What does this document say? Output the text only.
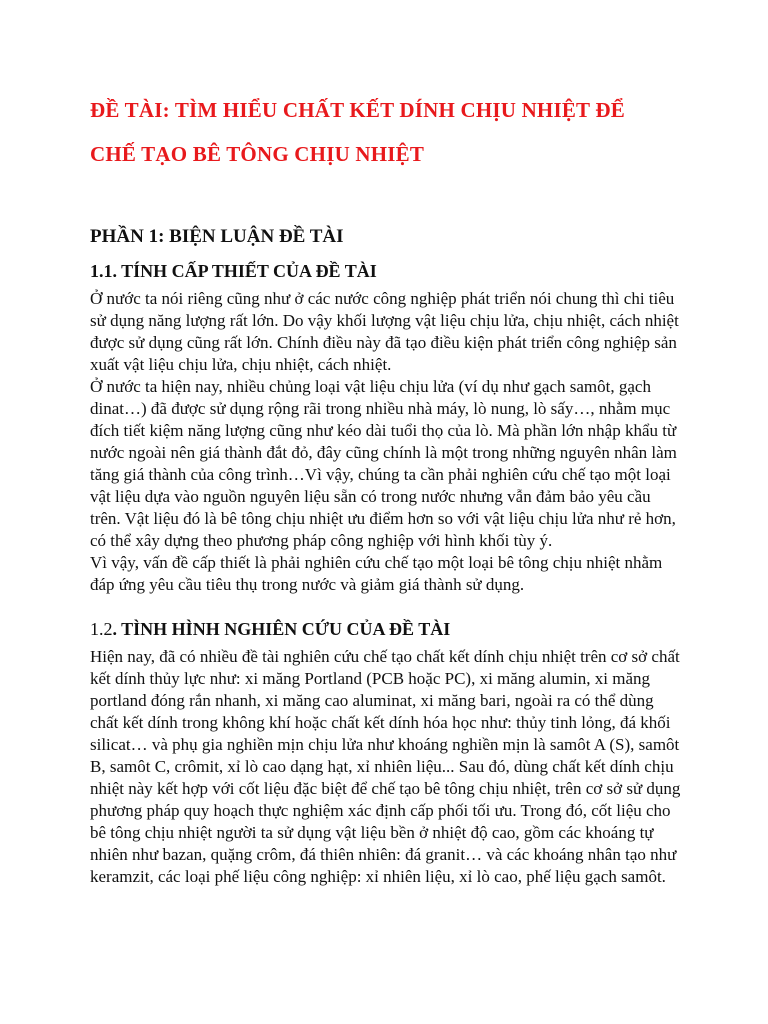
ĐỀ TÀI: TÌM HIỂU CHẤT KẾT DÍNH CHỊU NHIỆT ĐỂ
CHẾ TẠO BÊ TÔNG CHỊU NHIỆT
PHẦN 1: BIỆN LUẬN ĐỀ TÀI
1.1. TÍNH CẤP THIẾT CỦA ĐỀ TÀI

Ở nước ta nói riêng cũng như ở các nước công nghiệp phát triển nói chung thì chi tiêu sử dụng năng lượng rất lớn. Do vậy khối lượng vật liệu chịu lửa, chịu nhiệt, cách nhiệt được sử dụng cũng rất lớn. Chính điều này đã tạo điều kiện phát triển công nghiệp sản xuất vật liệu chịu lửa, chịu nhiệt, cách nhiệt.

Ở nước ta hiện nay, nhiều chủng loại vật liệu chịu lửa (ví dụ như gạch samôt, gạch dinat…) đã được sử dụng rộng rãi trong nhiều nhà máy, lò nung, lò sấy…, nhằm mục đích tiết kiệm năng lượng cũng như kéo dài tuổi thọ của lò. Mà phần lớn nhập khẩu từ nước ngoài nên giá thành đắt đỏ, đây cũng chính là một trong những nguyên nhân làm tăng giá thành của công trình…Vì vậy, chúng ta cần phải nghiên cứu chế tạo một loại vật liệu dựa vào nguồn nguyên liệu sẵn có trong nước nhưng vẫn đảm bảo yêu cầu trên. Vật liệu đó là bê tông chịu nhiệt ưu điểm hơn so với vật liệu chịu lửa như rẻ hơn, có thể xây dựng theo phương pháp công nghiệp với hình khối tùy ý.

Vì vậy, vấn đề cấp thiết là phải nghiên cứu chế tạo một loại bê tông chịu nhiệt nhằm đáp ứng yêu cầu tiêu thụ trong nước và giảm giá thành sử dụng.

1.2. TÌNH HÌNH NGHIÊN CỨU CỦA ĐỀ TÀI

Hiện nay, đã có nhiều đề tài nghiên cứu chế tạo chất kết dính chịu nhiệt trên cơ sở chất kết dính thủy lực như: xi măng Portland (PCB hoặc PC), xi măng alumin, xi măng portland đóng rắn nhanh, xi măng cao aluminat, xi măng bari, ngoài ra có thể dùng chất kết dính trong không khí hoặc chất kết dính hóa học như: thủy tinh lỏng, đá khối silicat… và phụ gia nghiền mịn chịu lửa như khoáng nghiền mịn là samôt A (S), samôt B, samôt C, crômit, xỉ lò cao dạng hạt, xỉ nhiên liệu... Sau đó, dùng chất kết dính chịu nhiệt này kết hợp với cốt liệu đặc biệt để chế tạo bê tông chịu nhiệt, trên cơ sở sử dụng phương pháp quy hoạch thực nghiệm xác định cấp phối tối ưu. Trong đó, cốt liệu cho bê tông chịu nhiệt người ta sử dụng vật liệu bền ở nhiệt độ cao, gồm các khoáng tự nhiên như bazan, quặng crôm, đá thiên nhiên: đá granit… và các khoáng nhân tạo như keramzit, các loại phế liệu công nghiệp: xỉ nhiên liệu, xỉ lò cao, phế liệu gạch samôt.
